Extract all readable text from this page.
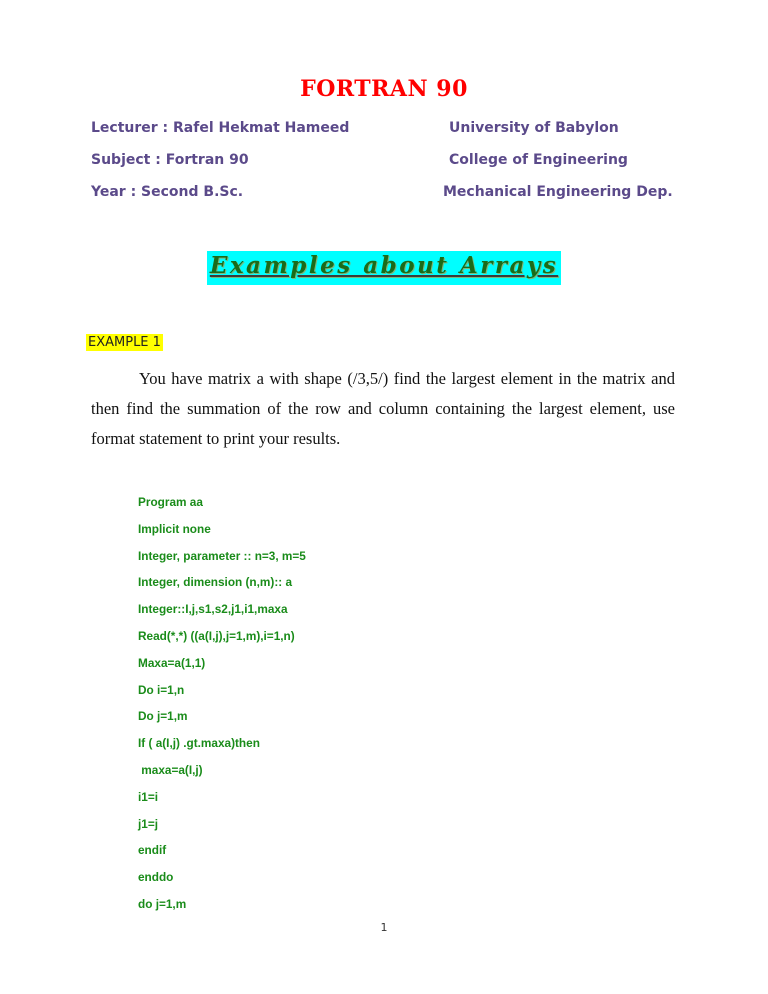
FORTRAN 90
Lecturer : Rafel Hekmat Hameed
Subject : Fortran 90
Year : Second B.Sc.
University of Babylon
College of Engineering
Mechanical Engineering Dep.
Examples about Arrays
EXAMPLE 1

You have matrix a with shape (/3,5/) find the largest element in the matrix and then find the summation of the row and column containing the largest element, use format statement to print your results.

Program aa
Implicit none
Integer, parameter :: n=3, m=5
Integer, dimension (n,m):: a
Integer::I,j,s1,s2,j1,i1,maxa
Read(*,*) ((a(I,j),j=1,m),i=1,n)
Maxa=a(1,1)
Do i=1,n
Do j=1,m
If ( a(I,j) .gt.maxa)then
maxa=a(I,j)
i1=i
j1=j
endif
enddo
do j=1,m
1
